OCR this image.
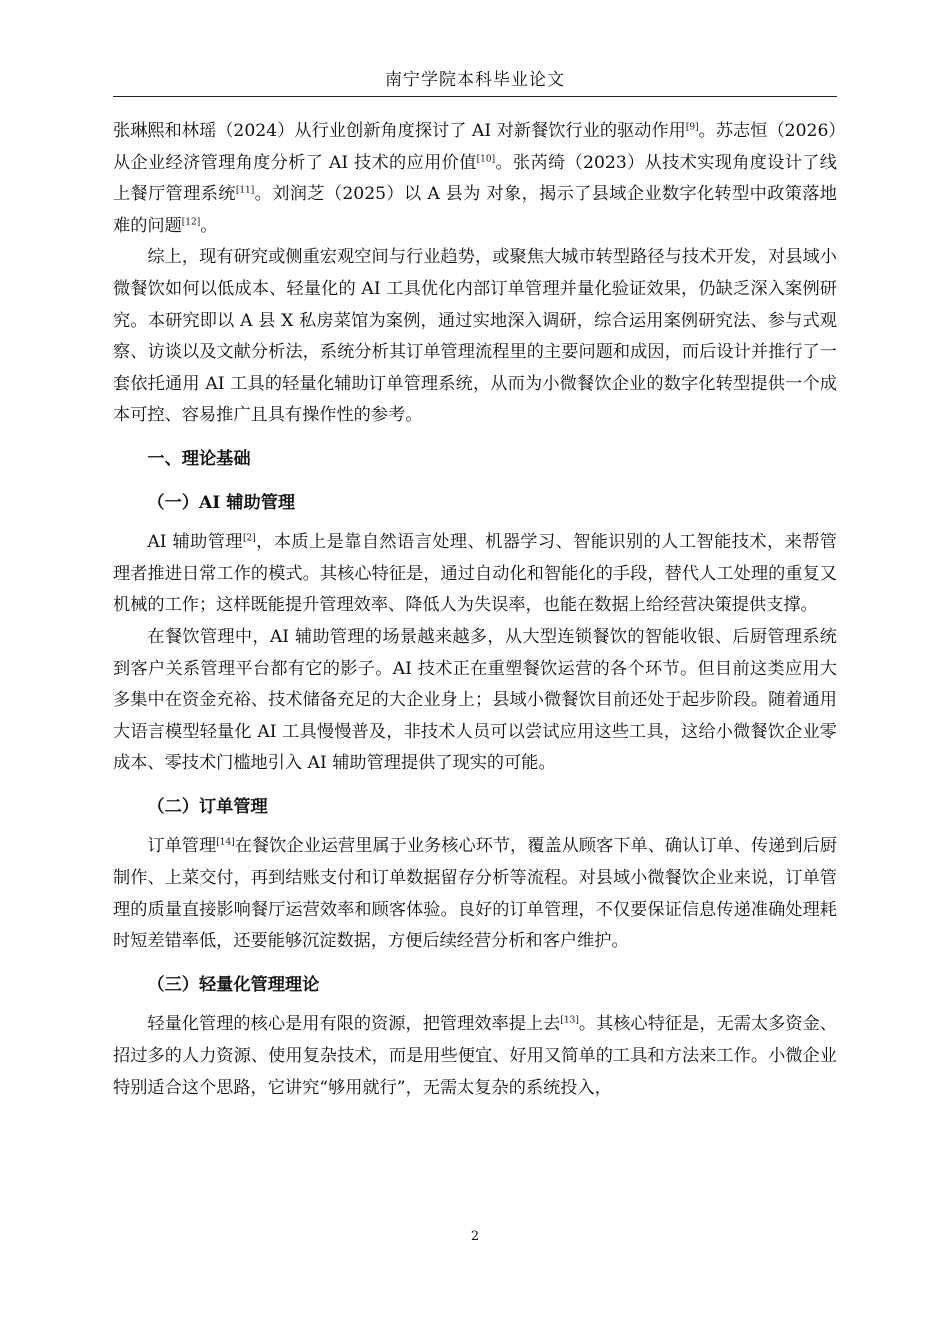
南宁学院本科毕业论文

张琳熙和林瑶（2024）从行业创新角度探讨了 AI 对新餐饮行业的驱动作用[9]。苏志恒（2026）从企业经济管理角度分析了 AI 技术的应用价值[10]。张芮绮（2023）从技术实现角度设计了线上餐厅管理系统[11]。刘润芝（2025）以 A 县为 对象，揭示了县域企业数字化转型中政策落地难的问题[12]。

综上，现有研究或侧重宏观空间与行业趋势，或聚焦大城市转型路径与技术开发，对县域小微餐饮如何以低成本、轻量化的 AI 工具优化内部订单管理并量化验证效果，仍缺乏深入案例研究。本研究即以 A 县 X 私房菜馆为案例，通过实地深入调研，综合运用案例研究法、参与式观察、访谈以及文献分析法，系统分析其订单管理流程里的主要问题和成因，而后设计并推行了一套依托通用 AI 工具的轻量化辅助订单管理系统，从而为小微餐饮企业的数字化转型提供一个成本可控、容易推广且具有操作性的参考。

一、理论基础
（一）AI 辅助管理

AI 辅助管理[2]，本质上是靠自然语言处理、机器学习、智能识别的人工智能技术，来帮管理者推进日常工作的模式。其核心特征是，通过自动化和智能化的手段，替代人工处理的重复又机械的工作；这样既能提升管理效率、降低人为失误率，也能在数据上给经营决策提供支撑。

在餐饮管理中，AI 辅助管理的场景越来越多，从大型连锁餐饮的智能收银、后厨管理系统到客户关系管理平台都有它的影子。AI 技术正在重塑餐饮运营的各个环节。但目前这类应用大多集中在资金充裕、技术储备充足的大企业身上；县域小微餐饮目前还处于起步阶段。随着通用大语言模型轻量化 AI 工具慢慢普及，非技术人员可以尝试应用这些工具，这给小微餐饮企业零成本、零技术门槛地引入 AI 辅助管理提供了现实的可能。

（二）订单管理

订单管理[14]在餐饮企业运营里属于业务核心环节，覆盖从顾客下单、确认订单、传递到后厨制作、上菜交付，再到结账支付和订单数据留存分析等流程。对县域小微餐饮企业来说，订单管理的质量直接影响餐厅运营效率和顾客体验。良好的订单管理，不仅要保证信息传递准确处理耗时短差错率低，还要能够沉淀数据，方便后续经营分析和客户维护。

（三）轻量化管理理论

轻量化管理的核心是用有限的资源，把管理效率提上去[13]。其核心特征是，无需太多资金、招过多的人力资源、使用复杂技术，而是用些便宜、好用又简单的工具和方法来工作。小微企业特别适合这个思路，它讲究“够用就行”，无需太复杂的系统投入，

2
